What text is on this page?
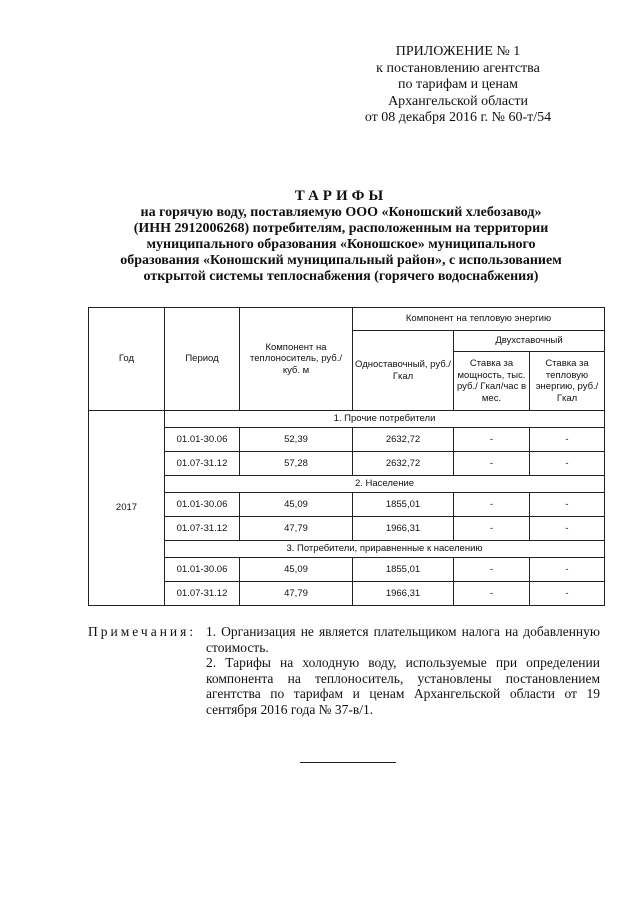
ПРИЛОЖЕНИЕ № 1
к постановлению агентства
по тарифам и ценам
Архангельской области
от 08 декабря 2016 г. № 60-т/54
ТАРИФЫ
на горячую воду, поставляемую ООО «Коношский хлебозавод»
(ИНН 2912006268) потребителям, расположенным на территории
муниципального образования «Коношское» муниципального
образования «Коношский муниципальный район», с использованием
открытой системы теплоснабжения (горячего водоснабжения)
Год	Период	Компонент на теплоноситель, руб./куб. м	Компонент на тепловую энергию		
			Одноставочный, руб./Гкал	Двухставочный	
				Ставка за мощность, тыс. руб./ Гкал/час в мес.	Ставка за тепловую энергию, руб./Гкал
2017	1. Прочие потребители				
	01.01-30.06	52,39	2632,72	-	-
	01.07-31.12	57,28	2632,72	-	-
	2. Население				
	01.01-30.06	45,09	1855,01	-	-
	01.07-31.12	47,79	1966,31	-	-
	3. Потребители, приравненные к населению				
	01.01-30.06	45,09	1855,01	-	-
	01.07-31.12	47,79	1966,31	-	-
Примечания: 1. Организация не является плательщиком налога на добавленную стоимость.

2. Тарифы на холодную воду, используемые при определении компонента на теплоноситель, установлены постановлением агентства по тарифам и ценам Архангельской области от 19 сентября 2016 года № 37-в/1.
